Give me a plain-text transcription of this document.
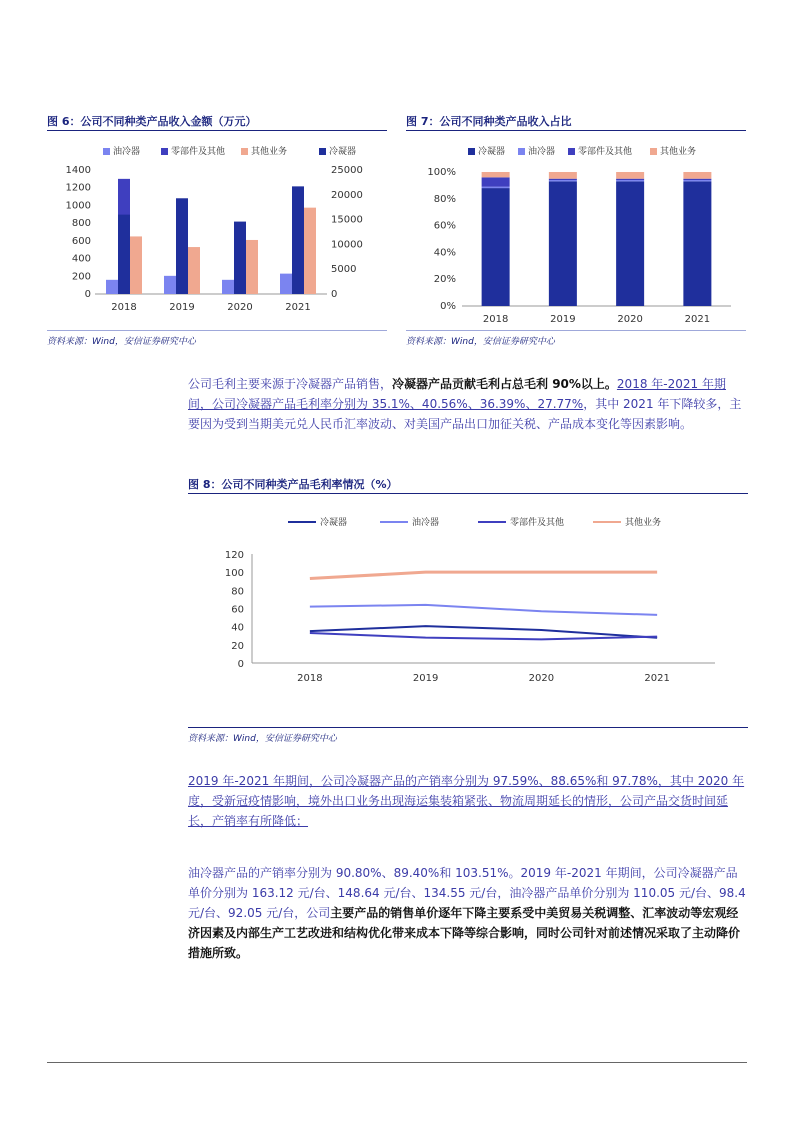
图 6：公司不同种类产品收入金额（万元）
油冷器	零部件及其他	其他业务	冷凝器
0
200
400
600
800
1000
1200
1400
0
5000
10000
15000
20000
25000
2018	2019	2020	2021
资料来源：Wind，安信证券研究中心
图 7：公司不同种类产品收入占比
冷凝器	油冷器	零部件及其他	其他业务
0%
20%
40%
60%
80%
100%
2018	2019	2020	2021
资料来源：Wind，安信证券研究中心

公司毛利主要来源于冷凝器产品销售，冷凝器产品贡献毛利占总毛利 90%以上。2018 年-2021 年期间，公司冷凝器产品毛利率分别为 35.1%、40.56%、36.39%、27.77%，其中 2021 年下降较多，主要因为受到当期美元兑人民币汇率波动、对美国产品出口加征关税、产品成本变化等因素影响。

图 8：公司不同种类产品毛利率情况（%）
冷凝器	油冷器	零部件及其他	其他业务
0
20
40
60
80
100
120
2018	2019	2020	2021
资料来源：Wind，安信证券研究中心

2019 年-2021 年期间，公司冷凝器产品的产销率分别为 97.59%、88.65%和 97.78%，其中 2020 年度，受新冠疫情影响，境外出口业务出现海运集装箱紧张、物流周期延长的情形，公司产品交货时间延长，产销率有所降低；

油冷器产品的产销率分别为 90.80%、89.40%和 103.51%。2019 年-2021 年期间，公司冷凝器产品单价分别为 163.12 元/台、148.64 元/台、134.55 元/台，油冷器产品单价分别为 110.05 元/台、98.4 元/台、92.05 元/台，公司主要产品的销售单价逐年下降主要系受中美贸易关税调整、汇率波动等宏观经济因素及内部生产工艺改进和结构优化带来成本下降等综合影响，同时公司针对前述情况采取了主动降价措施所致。
